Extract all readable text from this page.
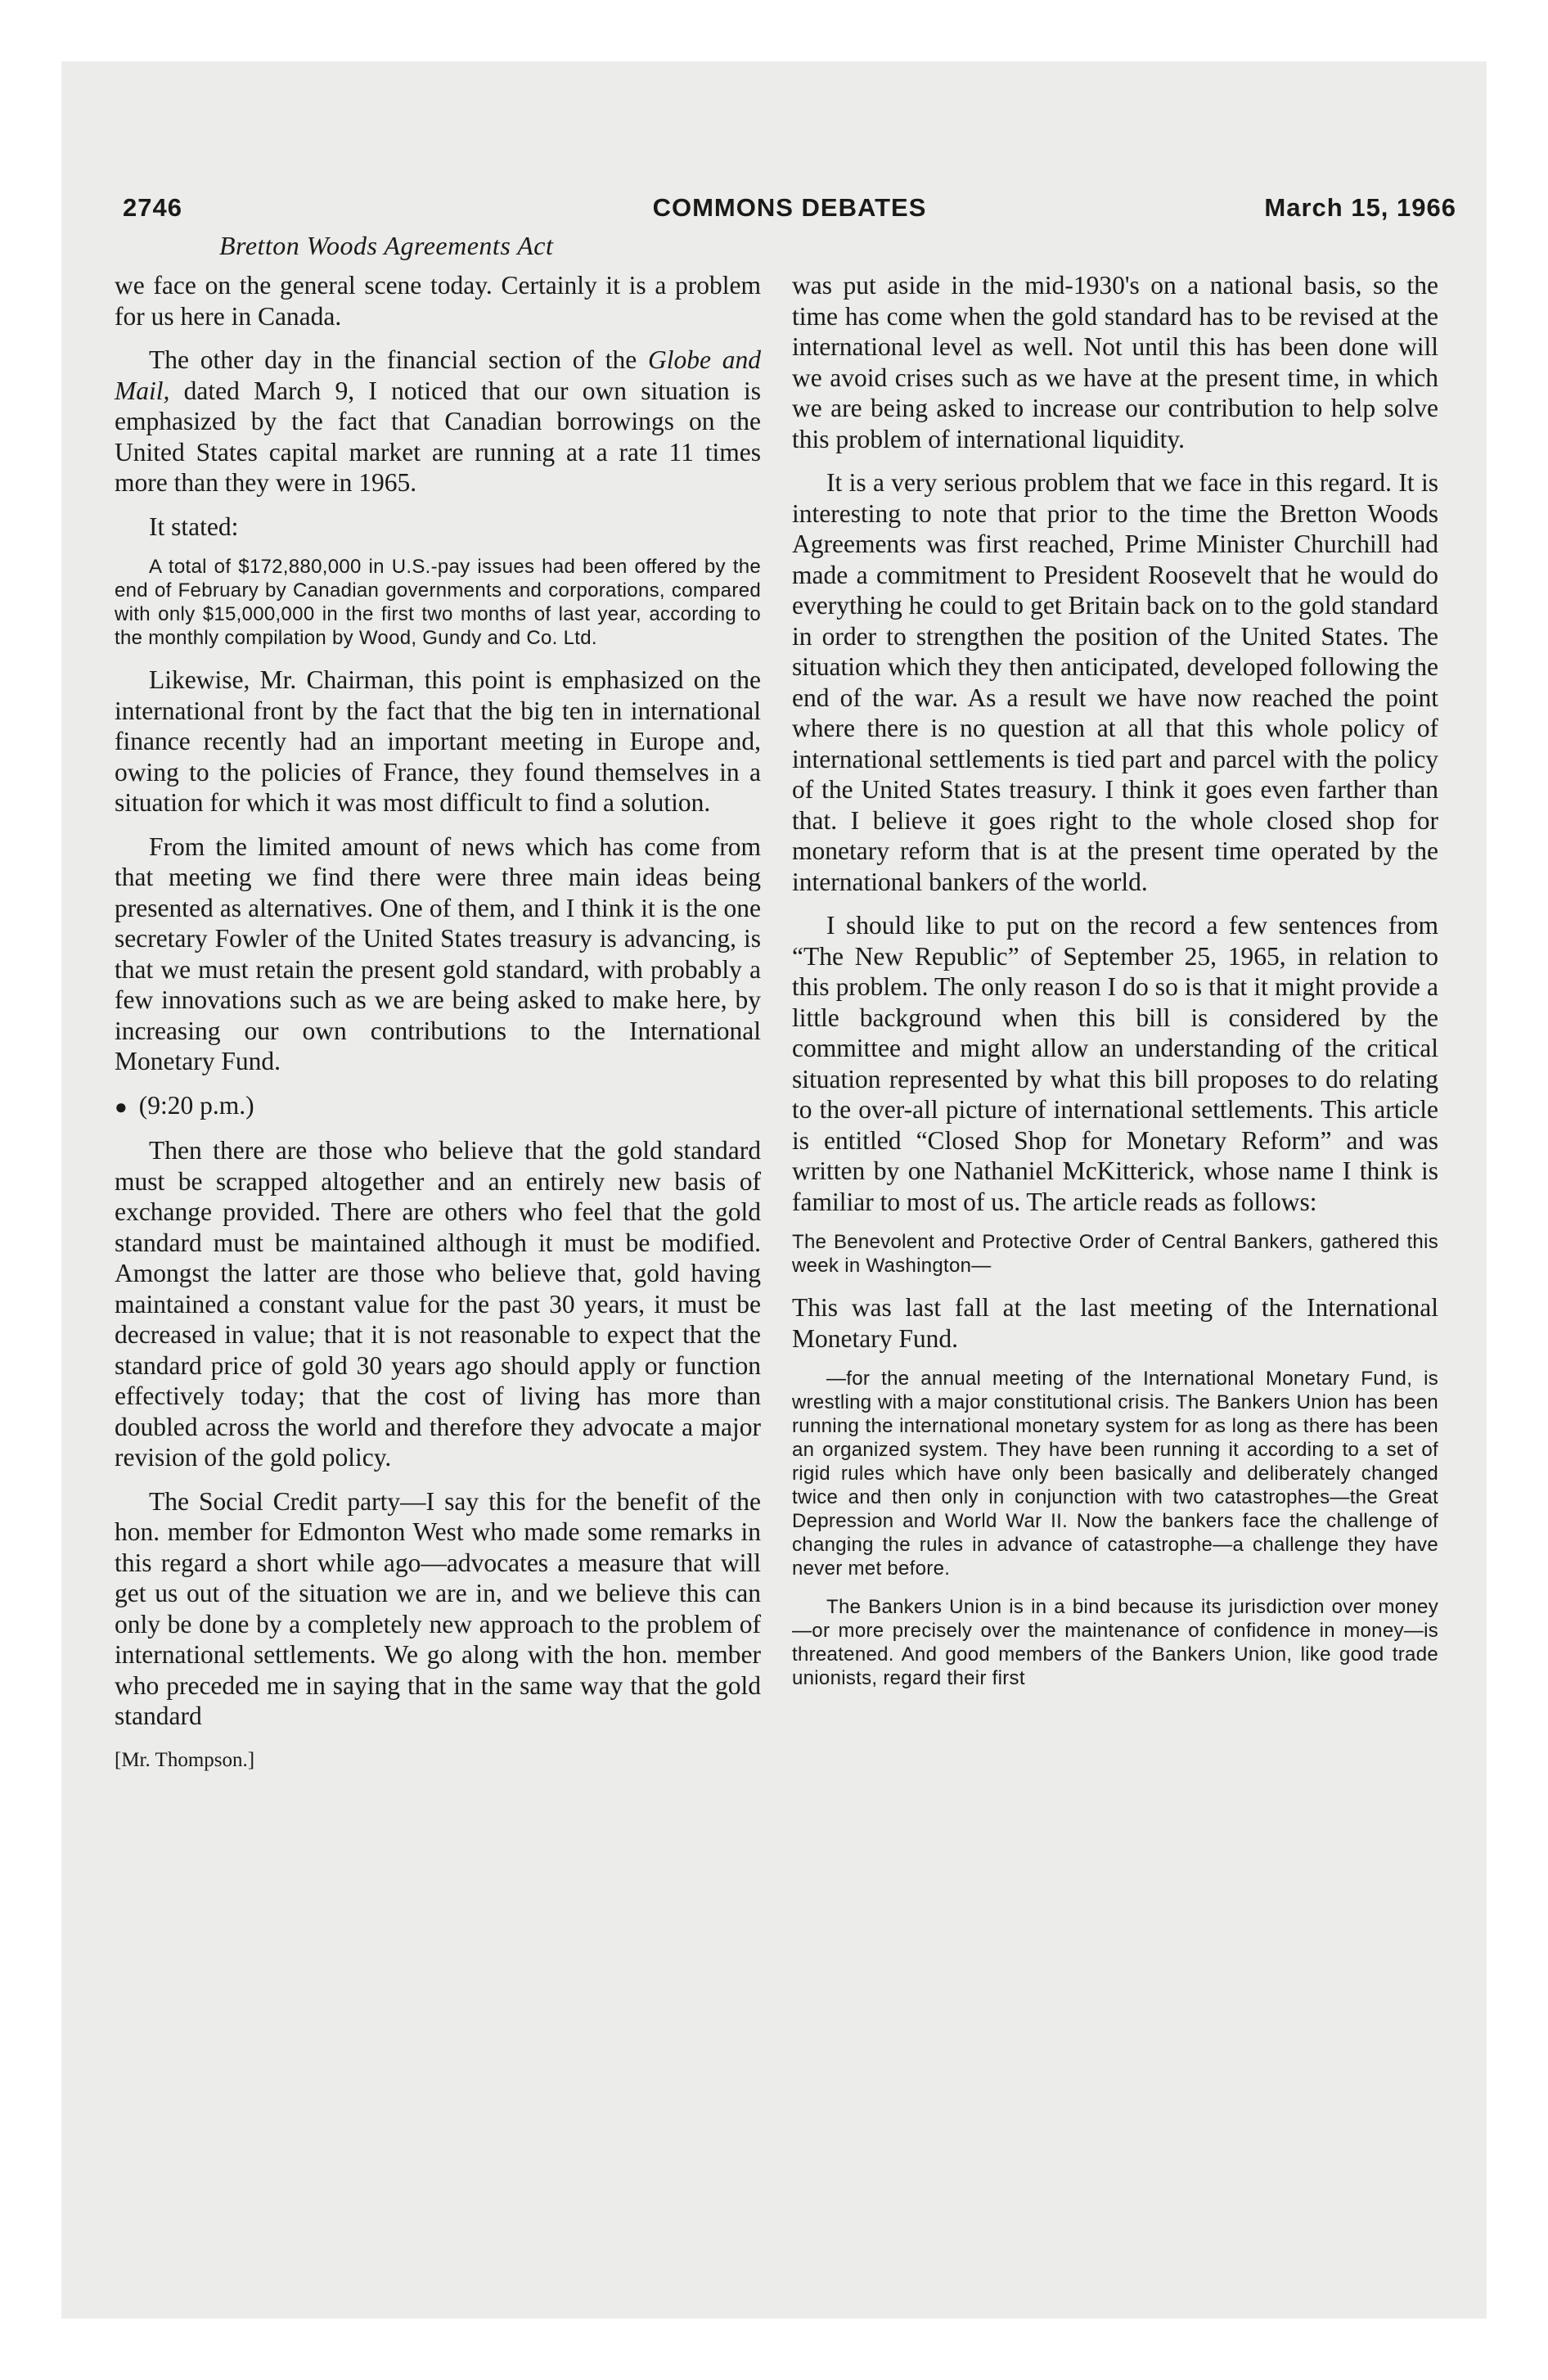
2746	COMMONS DEBATES	March 15, 1966
Bretton Woods Agreements Act

we face on the general scene today. Certainly it is a problem for us here in Canada.

The other day in the financial section of the Globe and Mail, dated March 9, I noticed that our own situation is emphasized by the fact that Canadian borrowings on the United States capital market are running at a rate 11 times more than they were in 1965.

It stated:

A total of $172,880,000 in U.S.-pay issues had been offered by the end of February by Canadian governments and corporations, compared with only $15,000,000 in the first two months of last year, according to the monthly compilation by Wood, Gundy and Co. Ltd.

Likewise, Mr. Chairman, this point is emphasized on the international front by the fact that the big ten in international finance recently had an important meeting in Europe and, owing to the policies of France, they found themselves in a situation for which it was most difficult to find a solution.

From the limited amount of news which has come from that meeting we find there were three main ideas being presented as alternatives. One of them, and I think it is the one secretary Fowler of the United States treasury is advancing, is that we must retain the present gold standard, with probably a few innovations such as we are being asked to make here, by increasing our own contributions to the International Monetary Fund.

● (9:20 p.m.)

Then there are those who believe that the gold standard must be scrapped altogether and an entirely new basis of exchange provided. There are others who feel that the gold standard must be maintained although it must be modified. Amongst the latter are those who believe that, gold having maintained a constant value for the past 30 years, it must be decreased in value; that it is not reasonable to expect that the standard price of gold 30 years ago should apply or function effectively today; that the cost of living has more than doubled across the world and therefore they advocate a major revision of the gold policy.

The Social Credit party—I say this for the benefit of the hon. member for Edmonton West who made some remarks in this regard a short while ago—advocates a measure that will get us out of the situation we are in, and we believe this can only be done by a completely new approach to the problem of international settlements. We go along with the hon. member who preceded me in saying that in the same way that the gold standard

[Mr. Thompson.]

was put aside in the mid-1930's on a national basis, so the time has come when the gold standard has to be revised at the international level as well. Not until this has been done will we avoid crises such as we have at the present time, in which we are being asked to increase our contribution to help solve this problem of international liquidity.

It is a very serious problem that we face in this regard. It is interesting to note that prior to the time the Bretton Woods Agreements was first reached, Prime Minister Churchill had made a commitment to President Roosevelt that he would do everything he could to get Britain back on to the gold standard in order to strengthen the position of the United States. The situation which they then anticipated, developed following the end of the war. As a result we have now reached the point where there is no question at all that this whole policy of international settlements is tied part and parcel with the policy of the United States treasury. I think it goes even farther than that. I believe it goes right to the whole closed shop for monetary reform that is at the present time operated by the international bankers of the world.

I should like to put on the record a few sentences from “The New Republic” of September 25, 1965, in relation to this problem. The only reason I do so is that it might provide a little background when this bill is considered by the committee and might allow an understanding of the critical situation represented by what this bill proposes to do relating to the over-all picture of international settlements. This article is entitled “Closed Shop for Monetary Reform” and was written by one Nathaniel McKitterick, whose name I think is familiar to most of us. The article reads as follows:

The Benevolent and Protective Order of Central Bankers, gathered this week in Washington—

This was last fall at the last meeting of the International Monetary Fund.

—for the annual meeting of the International Monetary Fund, is wrestling with a major constitutional crisis. The Bankers Union has been running the international monetary system for as long as there has been an organized system. They have been running it according to a set of rigid rules which have only been basically and deliberately changed twice and then only in conjunction with two catastrophes—the Great Depression and World War II. Now the bankers face the challenge of changing the rules in advance of catastrophe—a challenge they have never met before.

The Bankers Union is in a bind because its jurisdiction over money—or more precisely over the maintenance of confidence in money—is threatened. And good members of the Bankers Union, like good trade unionists, regard their first
